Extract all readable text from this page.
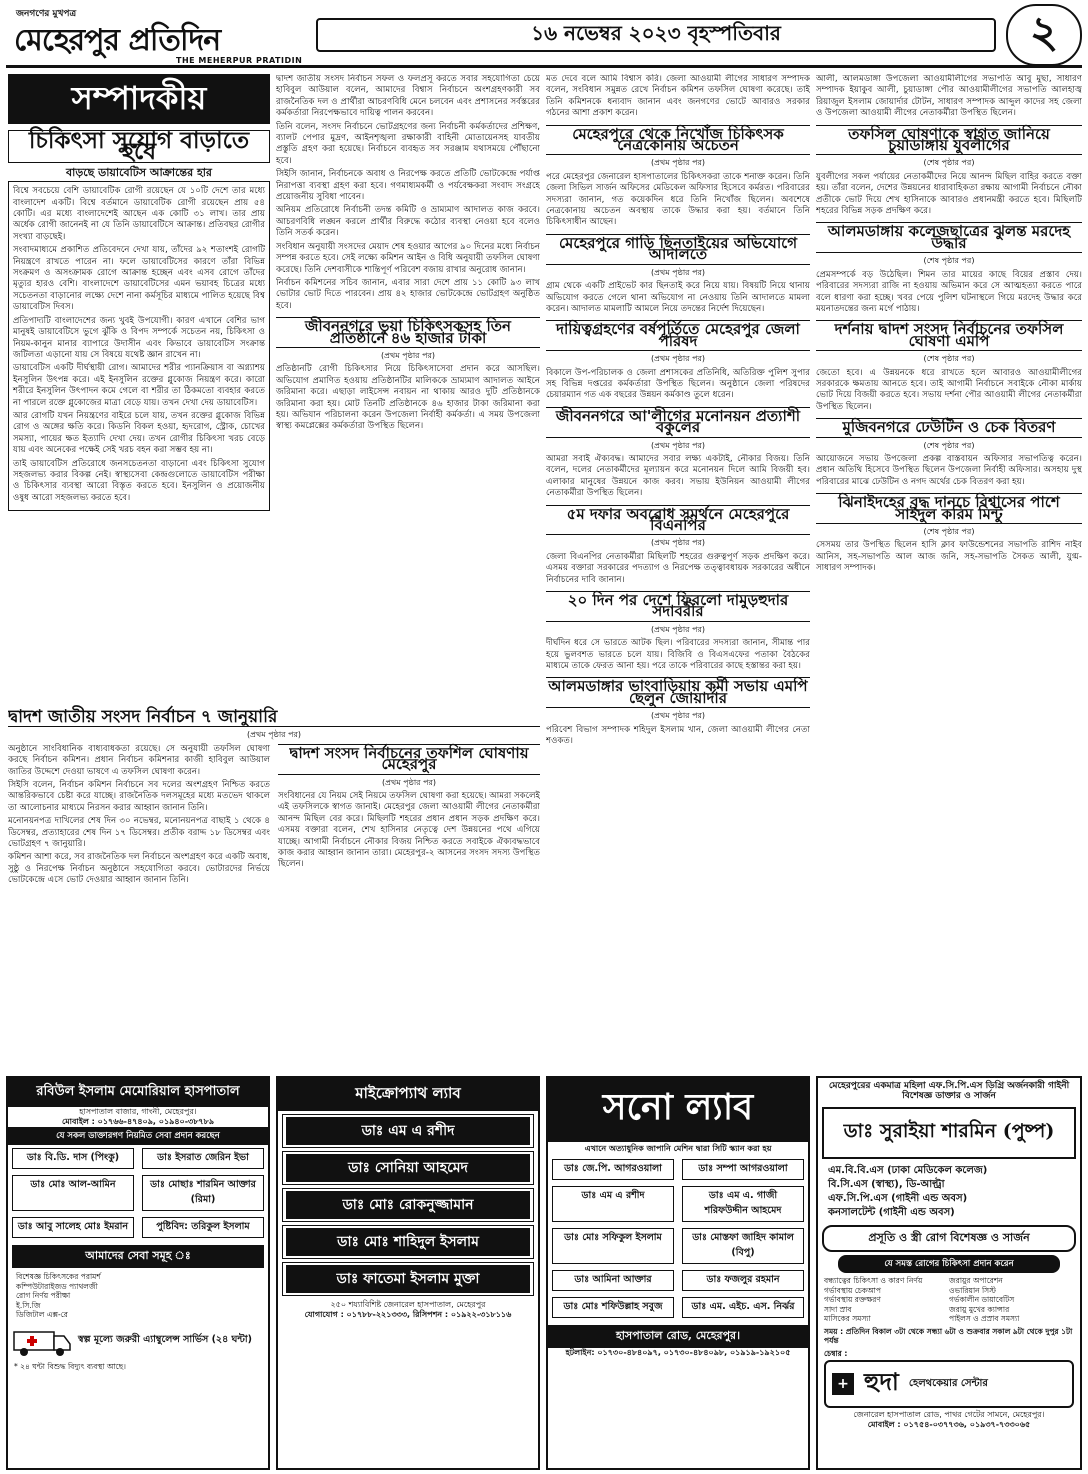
জনগণের মুখপত্র
মেহেরপুর প্রতিদিন
THE MEHERPUR PRATIDIN
১৬ নভেম্বর ২০২৩ বৃহস্পতিবার	২
সম্পাদকীয়
চিকিৎসা সুযোগ বাড়াতে হবে
বাড়ছে ডায়াবেটিস আক্রান্তের হার

বিশ্বে সবচেয়ে বেশি ডায়াবেটিক রোগী রয়েছেন যে ১০টি দেশে তার মধ্যে বাংলাদেশ একটি। বিশ্বে বর্তমানে ডায়াবেটিক রোগী রয়েছেন প্রায় ৫৪ কোটি। এর মধ্যে বাংলাদেশেই আছেন এক কোটি ৩১ লাখ। তার প্রায় অর্ধেক রোগী জানেনই না যে তিনি ডায়াবেটিসে আক্রান্ত। প্রতিবছর রোগীর সংখ্যা বাড়ছেই।

সংবাদমাধ্যমে প্রকাশিত প্রতিবেদনে দেখা যায়, তাঁদের ৯২ শতাংশই রোগটি নিয়ন্ত্রণে রাখতে পারেন না। ফলে ডায়াবেটিসের কারণে তাঁরা বিভিন্ন সংক্রমণ ও অসংক্রামক রোগে আক্রান্ত হচ্ছেন এবং এসব রোগে তাঁদের মৃত্যুর হারও বেশি। বাংলাদেশে ডায়াবেটিসের এমন ভয়াবহ চিত্রের মধ্যে সচেতনতা বাড়ানোর লক্ষ্যে দেশে নানা কর্মসূচির মাধ্যমে পালিত হয়েছে বিশ্ব ডায়াবেটিস দিবস।

প্রতিপাদ্যটি বাংলাদেশের জন্য খুবই উপযোগী। কারণ এখানে বেশির ভাগ মানুষই ডায়াবেটিসে ভুগে ঝুঁকি ও বিপদ সম্পর্কে সচেতন নয়, চিকিৎসা ও নিয়ম-কানুন মানার ব্যাপারে উদাসীন এবং কিভাবে ডায়াবেটিস সংক্রান্ত জটিলতা এড়ানো যায় সে বিষয়ে যথেষ্ট জ্ঞান রাখেন না।

ডায়াবেটিস একটি দীর্ঘস্থায়ী রোগ। আমাদের শরীর প্যানক্রিয়াস বা অগ্ন্যাশয় ইনসুলিন উৎপন্ন করে। এই ইনসুলিন রক্তের গ্লুকোজ নিয়ন্ত্রণ করে। কারো শরীরে ইনসুলিন উৎপাদন কমে গেলে বা শরীর তা ঠিকমতো ব্যবহার করতে না পারলে রক্তে গ্লুকোজের মাত্রা বেড়ে যায়। তখন দেখা দেয় ডায়াবেটিস।

আর রোগটি যখন নিয়ন্ত্রণের বাইরে চলে যায়, তখন রক্তের গ্লুকোজ বিভিন্ন রোগ ও অঙ্গের ক্ষতি করে। কিডনি বিকল হওয়া, হৃদরোগ, স্ট্রোক, চোখের সমস্যা, পায়ের ক্ষত ইত্যাদি দেখা দেয়। তখন রোগীর চিকিৎসা খরচ বেড়ে যায় এবং অনেকের পক্ষেই সেই খরচ বহন করা সম্ভব হয় না।

তাই ডায়াবেটিস প্রতিরোধে জনসচেতনতা বাড়ানো এবং চিকিৎসা সুযোগ সহজলভ্য করার বিকল্প নেই। স্বাস্থ্যসেবা কেন্দ্রগুলোতে ডায়াবেটিস পরীক্ষা ও চিকিৎসার ব্যবস্থা আরো বিস্তৃত করতে হবে। ইনসুলিন ও প্রয়োজনীয় ওষুধ আরো সহজলভ্য করতে হবে।

দ্বাদশ জাতীয় সংসদ নির্বাচন সফল ও ফলপ্রসূ করতে সবার সহযোগিতা চেয়ে হাবিবুল আউয়াল বলেন, আমাদের বিশ্বাস নির্বাচনে অংশগ্রহণকারী সব রাজনৈতিক দল ও প্রার্থীরা আচরণবিধি মেনে চলবেন এবং প্রশাসনের সর্বস্তরের কর্মকর্তারা নিরপেক্ষভাবে দায়িত্ব পালন করবেন।

তিনি বলেন, সংসদ নির্বাচনে ভোটগ্রহণের জন্য নির্বাচনী কর্মকর্তাদের প্রশিক্ষণ, ব্যালট পেপার মুদ্রণ, আইনশৃঙ্খলা রক্ষাকারী বাহিনী মোতায়েনসহ যাবতীয় প্রস্তুতি গ্রহণ করা হয়েছে। নির্বাচনে ব্যবহৃত সব সরঞ্জাম যথাসময়ে পৌঁছানো হবে।

সিইসি জানান, নির্বাচনকে অবাধ ও নিরপেক্ষ করতে প্রতিটি ভোটকেন্দ্রে পর্যাপ্ত নিরাপত্তা ব্যবস্থা গ্রহণ করা হবে। গণমাধ্যমকর্মী ও পর্যবেক্ষকরা সংবাদ সংগ্রহে প্রয়োজনীয় সুবিধা পাবেন।

অনিয়ম প্রতিরোধে নির্বাচনী তদন্ত কমিটি ও ভ্রাম্যমাণ আদালত কাজ করবে। আচরণবিধি লঙ্ঘন করলে প্রার্থীর বিরুদ্ধে কঠোর ব্যবস্থা নেওয়া হবে বলেও তিনি সতর্ক করেন।

সংবিধান অনুযায়ী সংসদের মেয়াদ শেষ হওয়ার আগের ৯০ দিনের মধ্যে নির্বাচন সম্পন্ন করতে হবে। সেই লক্ষ্যে কমিশন আইন ও বিধি অনুযায়ী তফসিল ঘোষণা করেছে। তিনি দেশবাসীকে শান্তিপূর্ণ পরিবেশ বজায় রাখার অনুরোধ জানান।

নির্বাচন কমিশনের সচিব জানান, এবার সারা দেশে প্রায় ১১ কোটি ৯৩ লাখ ভোটার ভোট দিতে পারবেন। প্রায় ৪২ হাজার ভোটকেন্দ্রে ভোটগ্রহণ অনুষ্ঠিত হবে।

জীবননগরে ভুয়া চিকিৎসকসহ তিন প্রতিষ্ঠানে ৪৬ হাজার টাকা
(প্রথম পৃষ্ঠার পর)

প্রতিষ্ঠানটি রোগী চিকিৎসার নিয়ে চিকিৎসাসেবা প্রদান করে আসছিল। অভিযোগ প্রমাণিত হওয়ায় প্রতিষ্ঠানটির মালিককে ভ্রাম্যমাণ আদালত আইনে জরিমানা করে। এছাড়া লাইসেন্স নবায়ন না থাকায় আরও দুটি প্রতিষ্ঠানকে জরিমানা করা হয়। মোট তিনটি প্রতিষ্ঠানকে ৪৬ হাজার টাকা জরিমানা করা হয়। অভিযান পরিচালনা করেন উপজেলা নির্বাহী কর্মকর্তা। এ সময় উপজেলা স্বাস্থ্য কমপ্লেক্সের কর্মকর্তারা উপস্থিত ছিলেন।

দ্বাদশ জাতীয় সংসদ নির্বাচন ৭ জানুয়ারি
(প্রথম পৃষ্ঠার পর)

অনুষ্ঠানে সাংবিধানিক বাধ্যবাধকতা রয়েছে। সে অনুযায়ী তফসিল ঘোষণা করছে নির্বাচন কমিশন। প্রধান নির্বাচন কমিশনার কাজী হাবিবুল আউয়াল জাতির উদ্দেশে দেওয়া ভাষণে এ তফসিল ঘোষণা করেন।

সিইসি বলেন, নির্বাচন কমিশন নির্বাচনে সব দলের অংশগ্রহণ নিশ্চিত করতে আন্তরিকভাবে চেষ্টা করে যাচ্ছে। রাজনৈতিক দলসমূহের মধ্যে মতভেদ থাকলে তা আলোচনার মাধ্যমে নিরসন করার আহ্বান জানান তিনি।

মনোনয়নপত্র দাখিলের শেষ দিন ৩০ নভেম্বর, মনোনয়নপত্র বাছাই ১ থেকে ৪ ডিসেম্বর, প্রত্যাহারের শেষ দিন ১৭ ডিসেম্বর। প্রতীক বরাদ্দ ১৮ ডিসেম্বর এবং ভোটগ্রহণ ৭ জানুয়ারি।

কমিশন আশা করে, সব রাজনৈতিক দল নির্বাচনে অংশগ্রহণ করে একটি অবাধ, সুষ্ঠু ও নিরপেক্ষ নির্বাচন অনুষ্ঠানে সহযোগিতা করবে। ভোটারদের নির্ভয়ে ভোটকেন্দ্রে এসে ভোট দেওয়ার আহ্বান জানান তিনি।

দ্বাদশ সংসদ নির্বাচনের তফশিল ঘোষণায় মেহেরপুর
(প্রথম পৃষ্ঠার পর)

সংবিধানের যে নিয়ম সেই নিয়মে তফসিল ঘোষণা করা হয়েছে। আমরা সকলেই এই তফসিলকে স্বাগত জানাই। মেহেরপুর জেলা আওয়ামী লীগের নেতাকর্মীরা আনন্দ মিছিল বের করে। মিছিলটি শহরের প্রধান প্রধান সড়ক প্রদক্ষিণ করে। এসময় বক্তারা বলেন, শেখ হাসিনার নেতৃত্বে দেশ উন্নয়নের পথে এগিয়ে যাচ্ছে। আগামী নির্বাচনে নৌকার বিজয় নিশ্চিত করতে সবাইকে ঐক্যবদ্ধভাবে কাজ করার আহ্বান জানান তারা। মেহেরপুর-২ আসনের সংসদ সদস্য উপস্থিত ছিলেন।

মত দেবে বলে আমি বিশ্বাস করি। জেলা আওয়ামী লীগের সাধারণ সম্পাদক বলেন, সংবিধান সমুন্নত রেখে নির্বাচন কমিশন তফসিল ঘোষণা করেছে। তাই তিনি কমিশনকে ধন্যবাদ জানান এবং জনগণের ভোটে আবারও সরকার গঠনের আশা প্রকাশ করেন।

মেহেরপুরে থেকে নিখোঁজ চিকিৎসক নেত্রকোনায় অচেতন
(প্রথম পৃষ্ঠার পর)

পরে মেহেরপুর জেনারেল হাসপাতালের চিকিৎসকরা তাকে শনাক্ত করেন। তিনি জেলা সিভিল সার্জন অফিসের মেডিকেল অফিসার হিসেবে কর্মরত। পরিবারের সদস্যরা জানান, গত কয়েকদিন ধরে তিনি নিখোঁজ ছিলেন। অবশেষে নেত্রকোনায় অচেতন অবস্থায় তাকে উদ্ধার করা হয়। বর্তমানে তিনি চিকিৎসাধীন আছেন।

মেহেরপুরে গাড়ি ছিনতাইয়ের অভিযোগে আদালতে
(প্রথম পৃষ্ঠার পর)

গ্রাম থেকে একটি প্রাইভেট কার ছিনতাই করে নিয়ে যায়। বিষয়টি নিয়ে থানায় অভিযোগ করতে গেলে থানা অভিযোগ না নেওয়ায় তিনি আদালতে মামলা করেন। আদালত মামলাটি আমলে নিয়ে তদন্তের নির্দেশ দিয়েছেন।

দায়িত্বগ্রহণের বর্ষপূর্তিতে মেহেরপুর জেলা পরিষদ
(প্রথম পৃষ্ঠার পর)

বিকালে উপ-পরিচালক ও জেলা প্রশাসকের প্রতিনিধি, অতিরিক্ত পুলিশ সুপার সহ বিভিন্ন দপ্তরের কর্মকর্তারা উপস্থিত ছিলেন। অনুষ্ঠানে জেলা পরিষদের চেয়ারম্যান গত এক বছরের উন্নয়ন কর্মকাণ্ড তুলে ধরেন।

জীবননগরে আ'লীগের মনোনয়ন প্রত্যাশী বকুলের
(প্রথম পৃষ্ঠার পর)

আমরা সবাই ঐক্যবদ্ধ। আমাদের সবার লক্ষ্য একটাই, নৌকার বিজয়। তিনি বলেন, দলের নেতাকর্মীদের মূল্যায়ন করে মনোনয়ন দিলে আমি বিজয়ী হব। এলাকার মানুষের উন্নয়নে কাজ করব। সভায় ইউনিয়ন আওয়ামী লীগের নেতাকর্মীরা উপস্থিত ছিলেন।

৫ম দফার অবরোধ সমর্থনে মেহেরপুরে বিএনপির
(প্রথম পৃষ্ঠার পর)

জেলা বিএনপির নেতাকর্মীরা মিছিলটি শহরের গুরুত্বপূর্ণ সড়ক প্রদক্ষিণ করে। এসময় বক্তারা সরকারের পদত্যাগ ও নিরপেক্ষ তত্ত্বাবধায়ক সরকারের অধীনে নির্বাচনের দাবি জানান।

২০ দিন পর দেশে ফিরলো দামুড়হুদার সদাবরীর
(প্রথম পৃষ্ঠার পর)

দীর্ঘদিন ধরে সে ভারতে আটক ছিল। পরিবারের সদস্যরা জানান, সীমান্ত পার হয়ে ভুলবশত ভারতে চলে যায়। বিজিবি ও বিএসএফের পতাকা বৈঠকের মাধ্যমে তাকে ফেরত আনা হয়। পরে তাকে পরিবারের কাছে হস্তান্তর করা হয়।

আলমডাঙ্গার ভাংবাড়িয়ায় কর্মী সভায় এমপি ছেলুন জোয়ার্দার
(প্রথম পৃষ্ঠার পর)

পরিবেশ বিভাগ সম্পাদক শহিদুল ইসলাম খান, জেলা আওয়ামী লীগের নেতা শওকত।

আলী, আলমডাঙ্গা উপজেলা আওয়ামীলীগের সভাপতি আবু মুছা, সাধারণ সম্পাদক ইয়াকুব আলী, চুয়াডাঙ্গা পৌর আওয়ামীলীগের সভাপতি আলহাজ্ব রিয়াজুল ইসলাম জোয়ার্দার টোটন, সাধারণ সম্পাদক আব্দুল কাদের সহ জেলা ও উপজেলা আওয়ামী লীগের নেতাকর্মীরা উপস্থিত ছিলেন।

তফসিল ঘোষণাকে স্বাগত জানিয়ে চুয়াডাঙ্গায় যুবলীগের
(শেষ পৃষ্ঠার পর)

যুবলীগের সকল পর্যায়ের নেতাকর্মীদের নিয়ে আনন্দ মিছিল বাহির করতে বক্তা হয়। তাঁরা বলেন, দেশের উন্নয়নের ধারাবাহিকতা রক্ষায় আগামী নির্বাচনে নৌকা প্রতীকে ভোট দিয়ে শেখ হাসিনাকে আবারও প্রধানমন্ত্রী করতে হবে। মিছিলটি শহরের বিভিন্ন সড়ক প্রদক্ষিণ করে।

আলমডাঙ্গায় কলেজছাত্রের ঝুলন্ত মরদেহ উদ্ধার
(শেষ পৃষ্ঠার পর)

প্রেমসম্পর্কে বড় উঠেছিল। শিমন তার মায়ের কাছে বিয়ের প্রস্তাব দেয়। পরিবারের সদস্যরা রাজি না হওয়ায় অভিমান করে সে আত্মহত্যা করতে পারে বলে ধারণা করা হচ্ছে। খবর পেয়ে পুলিশ ঘটনাস্থলে গিয়ে মরদেহ উদ্ধার করে ময়নাতদন্তের জন্য মর্গে পাঠায়।

দর্শনায় দ্বাদশ সংসদ নির্বাচনের তফসিল ঘোষণা এমপি
(শেষ পৃষ্ঠার পর)

জেতো হবে। এ উন্নয়নকে ধরে রাখতে হলে আবারও আওয়ামীলীগের সরকারকে ক্ষমতায় আনতে হবে। তাই আগামী নির্বাচনে সবাইকে নৌকা মার্কায় ভোট দিয়ে বিজয়ী করতে হবে। সভায় দর্শনা পৌর আওয়ামী লীগের নেতাকর্মীরা উপস্থিত ছিলেন।

মুজিবনগরে ঢেউটিন ও চেক বিতরণ
(শেষ পৃষ্ঠার পর)

আয়োজনে সভায় উপজেলা প্রকল্প বাস্তবায়ন অফিসার সভাপতিত্ব করেন। প্রধান অতিথি হিসেবে উপস্থিত ছিলেন উপজেলা নির্বাহী অফিসার। অসহায় দুস্থ পরিবারের মাঝে ঢেউটিন ও নগদ অর্থের চেক বিতরণ করা হয়।

ঝিনাইদহের বৃদ্ধ দানচে বিশ্বাসের পাশে সাইদুল করিম মিন্টু
(শেষ পৃষ্ঠার পর)

সেসময় তার উপস্থিত ছিলেন হাসি ক্লাব ফাউন্ডেশনের সভাপতি রাশিদ নাইব আনিস, সহ-সভাপতি আল আজ জনি, সহ-সভাপতি সৈকত আলী, যুগ্ম-সাধারণ সম্পাদক।

রবিউল ইসলাম মেমোরিয়াল হাসপাতাল
হাসপাতাল বাজার, গাংনী, মেহেরপুর।
মোবাইল : ০১৭৬৬-৪৭৪০৯, ০১৯৪০-৩৮৭৮৯
যে সকল ডাক্তারগণ নিয়মিত সেবা প্রদান করছেন
ডাঃ বি.ডি. দাস (পিংকু)	ডাঃ ইসরাত জেরিন ইভা
ডাঃ মোঃ আল-আমিন	ডাঃ মোছাঃ শারমিন আক্তার (রিমা)
ডাঃ আবু সালেহ মোঃ ইমরান	পুষ্টিবিদ: তরিকুল ইসলাম
আমাদের সেবা সমূহ ঃ
বিশেষজ্ঞ চিকিৎসকের পরামর্শ
কম্পিউটারাইজড প্যাথলজী
রোগ নির্ণয় পরীক্ষা
ই.সি.জি
ডিজিটাল এক্স-রে
স্বল্প মূল্যে জরুরী এ্যাম্বুলেন্স সার্ভিস (২৪ ঘন্টা)
* ২৪ ঘন্টা বিশুদ্ধ বিদ্যুৎ ব্যবস্থা আছে।
মাইক্রোপ্যাথ ল্যাব
ডাঃ এম এ রশীদ
ডাঃ সোনিয়া আহমেদ
ডাঃ মোঃ রোকনুজ্জামান
ডাঃ মোঃ শাহিদুল ইসলাম
ডাঃ ফাতেমা ইসলাম মুক্তা
২৫০ শয্যাবিশিষ্ট জেনারেল হাসপাতাল, মেহেরপুর
যোগাযোগ : ০১৭৮৮-২২১৩৩৩, রিসিপশন : ০১৯২২-৩১৮১১৬
সনো ল্যাব
এখানে অত্যাধুনিক জাপানি মেশিন দ্বারা সিটি স্ক্যান করা হয়
ডাঃ জে.পি. আগরওয়ালা	ডাঃ সম্পা আগরওয়ালা
ডাঃ এম এ রশীদ	ডাঃ এম এ. গাজী শরিফউদ্দীন আহমেদ
ডাঃ মোঃ সফিকুল ইসলাম	ডাঃ মোস্তফা জাহিদ কামাল (বিপু)
ডাঃ আমিনা আক্তার	ডাঃ ফজলুর রহমান
ডাঃ মোঃ শফিউল্লাহ সবুজ	ডাঃ এম. এইচ. এস. নির্ঝর
হাসপাতাল রোড, মেহেরপুর।
হটলাইন: ০১৭৩০-৪৮৪০৯৭, ০১৭৩০-৪৮৪০৯৮, ০১৯১৯-১৯২১০৫
মেহেরপুরের একমাত্র মহিলা এফ.সি.পি.এস ডিগ্রি অর্জনকারী গাইনী বিশেষজ্ঞ ডাক্তার ও সার্জন
ডাঃ সুরাইয়া শারমিন (পুষ্প)
এম.বি.বি.এস (ঢাকা মেডিকেল কলেজ)
বি.সি.এস (স্বাস্থ্য), ডি-আল্ট্রা
এফ.সি.পি.এস (গাইনী এন্ড অবস)
কনসালটেন্ট (গাইনী এন্ড অবস)
প্রসূতি ও স্ত্রী রোগ বিশেষজ্ঞ ও সার্জন
যে সমস্ত রোগের চিকিৎসা প্রদান করেন
বন্ধ্যাত্বের চিকিৎসা ও কারণ নির্ণয়
গর্ভাবস্থায় চেকআপ
গর্ভাবস্থায় রক্তক্ষরণ
সাদা স্রাব
মাসিকের সমস্যা
জরায়ুর অপারেশন
ওভারিয়ান সিস্ট
গর্ভকালীন ডায়াবেটিস
জরায়ু মুখের ক্যান্সার
পাইলস ও প্রস্রাব সমস্যা
সময় : প্রতিদিন বিকাল ৩টা থেকে সন্ধ্যা ৬টা ও শুক্রবার সকাল ৯টা থেকে দুপুর ১টা পর্যন্ত
চেম্বার :
+ হুদা হেলথকেয়ার সেন্টার
জেনারেল হাসপাতাল রোড, পাথর গেটের সামনে, মেহেরপুর।
মোবাইল : ০১৭৫৪-০৩৭৭৩৬, ০১৯৩৭-৭৩৩০৬৫
